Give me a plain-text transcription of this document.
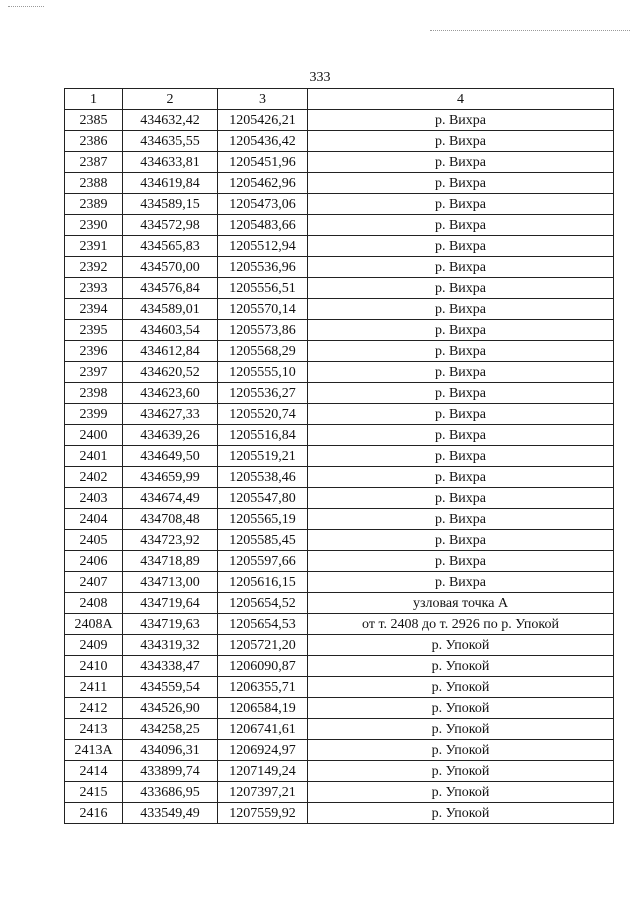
333
1	2	3	4
2385	434632,42	1205426,21	р. Вихра
2386	434635,55	1205436,42	р. Вихра
2387	434633,81	1205451,96	р. Вихра
2388	434619,84	1205462,96	р. Вихра
2389	434589,15	1205473,06	р. Вихра
2390	434572,98	1205483,66	р. Вихра
2391	434565,83	1205512,94	р. Вихра
2392	434570,00	1205536,96	р. Вихра
2393	434576,84	1205556,51	р. Вихра
2394	434589,01	1205570,14	р. Вихра
2395	434603,54	1205573,86	р. Вихра
2396	434612,84	1205568,29	р. Вихра
2397	434620,52	1205555,10	р. Вихра
2398	434623,60	1205536,27	р. Вихра
2399	434627,33	1205520,74	р. Вихра
2400	434639,26	1205516,84	р. Вихра
2401	434649,50	1205519,21	р. Вихра
2402	434659,99	1205538,46	р. Вихра
2403	434674,49	1205547,80	р. Вихра
2404	434708,48	1205565,19	р. Вихра
2405	434723,92	1205585,45	р. Вихра
2406	434718,89	1205597,66	р. Вихра
2407	434713,00	1205616,15	р. Вихра
2408	434719,64	1205654,52	узловая точка А
2408А	434719,63	1205654,53	от т. 2408 до т. 2926 по р. Упокой
2409	434319,32	1205721,20	р. Упокой
2410	434338,47	1206090,87	р. Упокой
2411	434559,54	1206355,71	р. Упокой
2412	434526,90	1206584,19	р. Упокой
2413	434258,25	1206741,61	р. Упокой
2413А	434096,31	1206924,97	р. Упокой
2414	433899,74	1207149,24	р. Упокой
2415	433686,95	1207397,21	р. Упокой
2416	433549,49	1207559,92	р. Упокой
